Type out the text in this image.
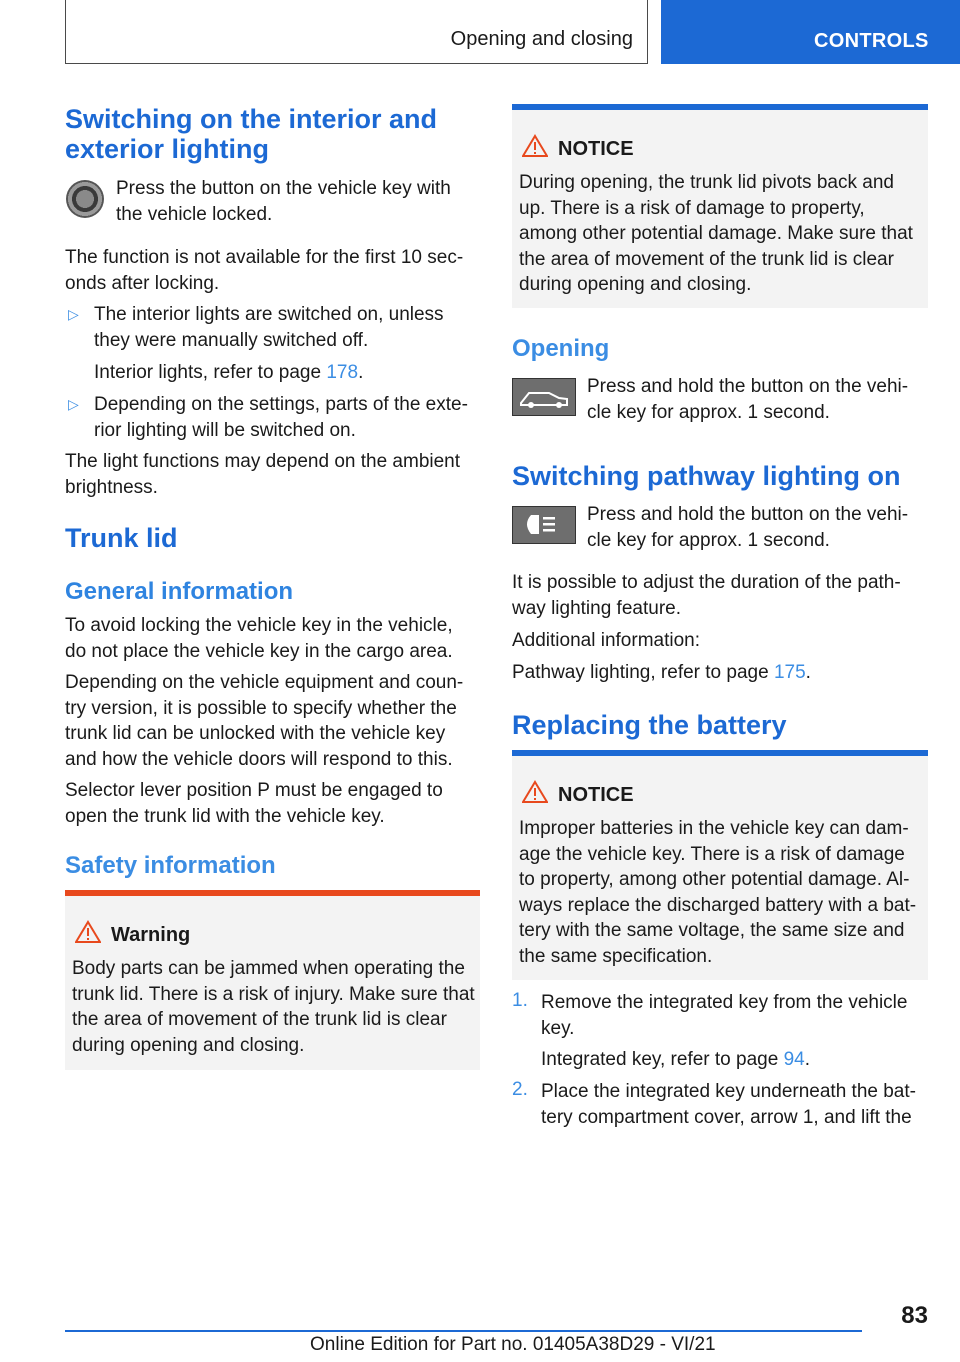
Opening and closing	CONTROLS
Switching on the interior and exterior lighting
Press the button on the vehicle key with the vehicle locked.
The function is not available for the first 10 sec-onds after locking.
▷ The interior lights are switched on, unless they were manually switched off.
Interior lights, refer to page 178.
▷ Depending on the settings, parts of the exte-rior lighting will be switched on.
The light functions may depend on the ambient brightness.
Trunk lid
General information
To avoid locking the vehicle key in the vehicle, do not place the vehicle key in the cargo area.
Depending on the vehicle equipment and coun-try version, it is possible to specify whether the trunk lid can be unlocked with the vehicle key and how the vehicle doors will respond to this.
Selector lever position P must be engaged to open the trunk lid with the vehicle key.
Safety information
Warning
Body parts can be jammed when operating the trunk lid. There is a risk of injury. Make sure that the area of movement of the trunk lid is clear during opening and closing.
NOTICE
During opening, the trunk lid pivots back and up. There is a risk of damage to property, among other potential damage. Make sure that the area of movement of the trunk lid is clear during opening and closing.
Opening
Press and hold the button on the vehi-cle key for approx. 1 second.
Switching pathway lighting on
Press and hold the button on the vehi-cle key for approx. 1 second.
It is possible to adjust the duration of the path-way lighting feature.
Additional information:
Pathway lighting, refer to page 175.
Replacing the battery
NOTICE
Improper batteries in the vehicle key can dam-age the vehicle key. There is a risk of damage to property, among other potential damage. Al-ways replace the discharged battery with a bat-tery with the same voltage, the same size and the same specification.
1. Remove the integrated key from the vehicle key.
Integrated key, refer to page 94.
2. Place the integrated key underneath the bat-tery compartment cover, arrow 1, and lift the
83
Online Edition for Part no. 01405A38D29 - VI/21
